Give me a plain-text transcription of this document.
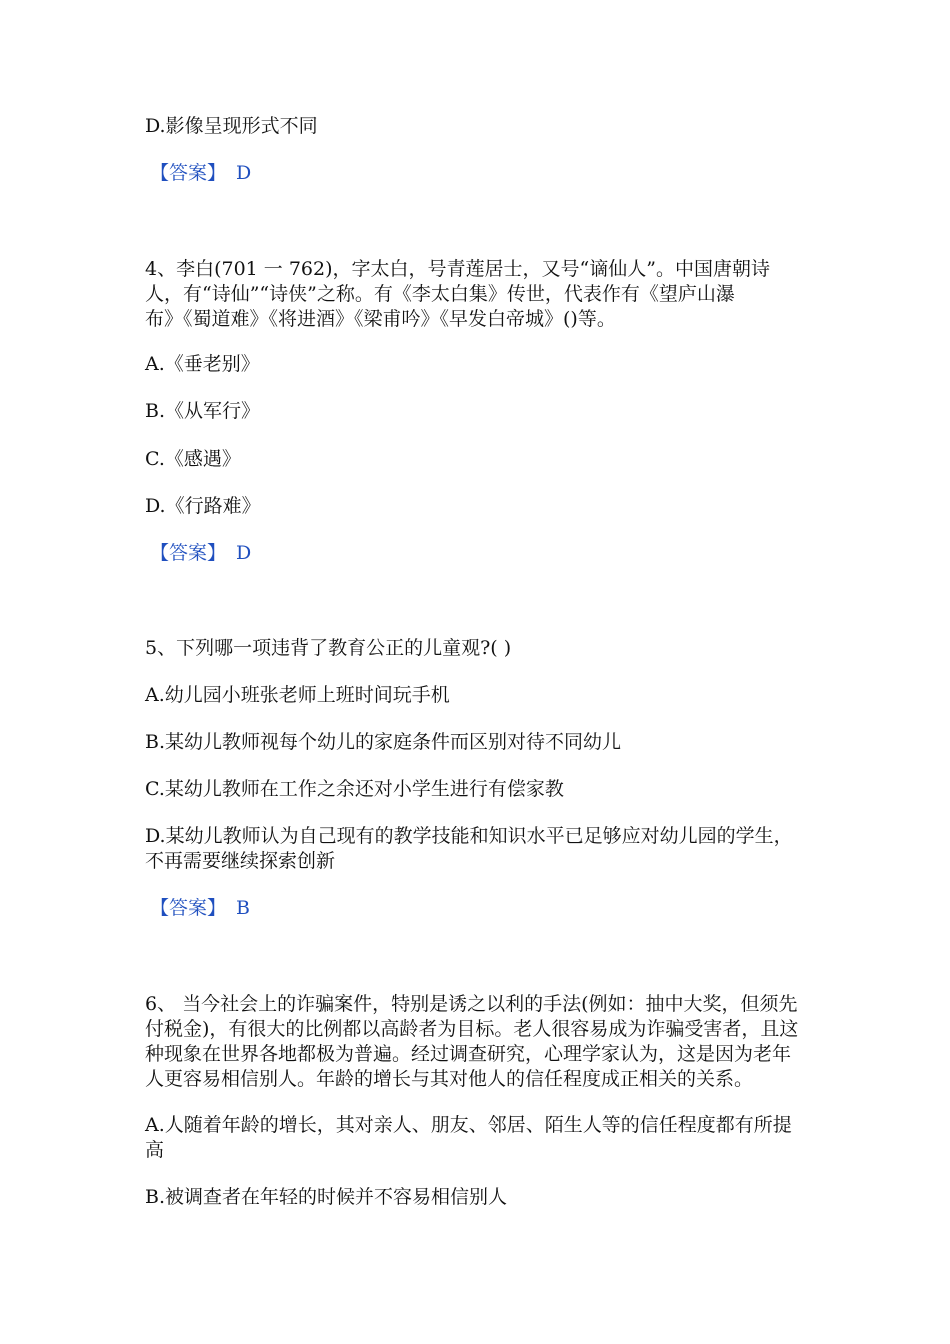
D.影像呈现形式不同
【答案】 D
4、李白(701 一 762)，字太白，号青莲居士，又号“谪仙人”。中国唐朝诗
人，有“诗仙”“诗侠”之称。有《李太白集》传世，代表作有《望庐山瀑
布》《蜀道难》《将进酒》《梁甫吟》《早发白帝城》()等。
A.《垂老别》
B.《从军行》
C.《感遇》
D.《行路难》
【答案】 D
5、下列哪一项违背了教育公正的儿童观?( )
A.幼儿园小班张老师上班时间玩手机
B.某幼儿教师视每个幼儿的家庭条件而区别对待不同幼儿
C.某幼儿教师在工作之余还对小学生进行有偿家教
D.某幼儿教师认为自己现有的教学技能和知识水平已足够应对幼儿园的学生，
不再需要继续探索创新
【答案】 B
6、 当今社会上的诈骗案件，特别是诱之以利的手法(例如：抽中大奖，但须先
付税金)，有很大的比例都以高龄者为目标。老人很容易成为诈骗受害者，且这
种现象在世界各地都极为普遍。经过调查研究，心理学家认为，这是因为老年
人更容易相信别人。年龄的增长与其对他人的信任程度成正相关的关系。
A.人随着年龄的增长，其对亲人、朋友、邻居、陌生人等的信任程度都有所提
高
B.被调查者在年轻的时候并不容易相信别人
